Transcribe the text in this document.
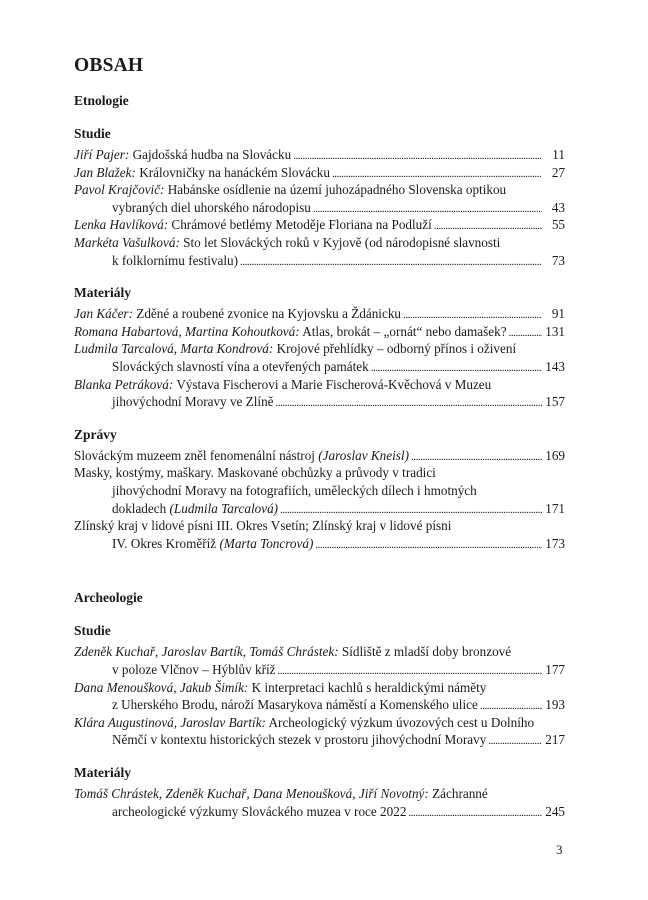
OBSAH
Etnologie
Studie
Jiří Pajer: Gajdošská hudba na Slovácku . . .	11
Jan Blažek: Královničky na hanáckém Slovácku . . .	27
Pavol Krajčovič: Habánske osídlenie na území juhozápadného Slovenska optikou
vybraných diel uhorského národopisu . . .	43
Lenka Havlíková: Chrámové betlémy Metoděje Floriana na Podluží . . .	55
Markéta Vašulková: Sto let Slováckých roků v Kyjově (od národopisné slavnosti
k folklornímu festivalu) . . .	73
Materiály
Jan Káčer: Zděné a roubené zvonice na Kyjovsku a Ždánicku . . .	91
Romana Habartová, Martina Kohoutková: Atlas, brokát – „ornát“ nebo damašek? . . .	131
Ludmila Tarcalová, Marta Kondrová: Krojové přehlídky – odborný přínos i oživení
Slováckých slavností vína a otevřených památek . . .	143
Blanka Petráková: Výstava Fischerovi a Marie Fischerová-Kvěchová v Muzeu
jihovýchodní Moravy ve Zlíně . . .	157
Zprávy
Slováckým muzeem zněl fenomenální nástroj (Jaroslav Kneisl) . . .	169
Masky, kostýmy, maškary. Maskované obchůzky a průvody v tradici
jihovýchodní Moravy na fotografiích, uměleckých dílech i hmotných
dokladech (Ludmila Tarcalová) . . .	171
Zlínský kraj v lidové písni III. Okres Vsetín; Zlínský kraj v lidové písni
IV. Okres Kroměříž (Marta Toncrová) . . .	173
Archeologie
Studie
Zdeněk Kuchař, Jaroslav Bartík, Tomáš Chrástek: Sídliště z mladší doby bronzové
v poloze Vlčnov – Hýblův kříž . . .	177
Dana Menoušková, Jakub Šimík: K interpretaci kachlů s heraldickými náměty
z Uherského Brodu, nároží Masarykova náměstí a Komenského ulice . . .	193
Klára Augustinová, Jaroslav Bartík: Archeologický výzkum úvozových cest u Dolního
Němčí v kontextu historických stezek v prostoru jihovýchodní Moravy . . .	217
Materiály
Tomáš Chrástek, Zdeněk Kuchař, Dana Menoušková, Jiří Novotný: Záchranné
archeologické výzkumy Slováckého muzea v roce 2022 . . .	245
3
